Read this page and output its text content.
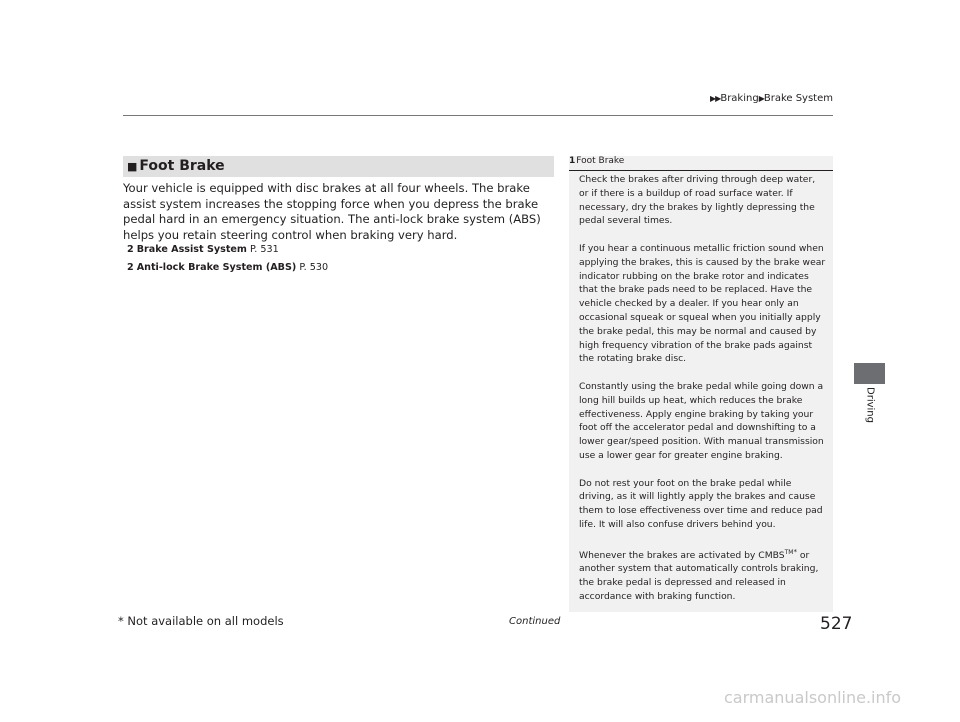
▶▶Braking▶Brake System
■ Foot Brake

Your vehicle is equipped with disc brakes at all four wheels. The brake assist system increases the stopping force when you depress the brake pedal hard in an emergency situation. The anti-lock brake system (ABS) helps you retain steering control when braking very hard.

2 Brake Assist System P. 531
2 Anti-lock Brake System (ABS) P. 530
1Foot Brake

Check the brakes after driving through deep water, or if there is a buildup of road surface water. If necessary, dry the brakes by lightly depressing the pedal several times.

If you hear a continuous metallic friction sound when applying the brakes, this is caused by the brake wear indicator rubbing on the brake rotor and indicates that the brake pads need to be replaced. Have the vehicle checked by a dealer. If you hear only an occasional squeak or squeal when you initially apply the brake pedal, this may be normal and caused by high frequency vibration of the brake pads against the rotating brake disc.

Constantly using the brake pedal while going down a long hill builds up heat, which reduces the brake effectiveness. Apply engine braking by taking your foot off the accelerator pedal and downshifting to a lower gear/speed position. With manual transmission use a lower gear for greater engine braking.

Do not rest your foot on the brake pedal while driving, as it will lightly apply the brakes and cause them to lose effectiveness over time and reduce pad life. It will also confuse drivers behind you.

Whenever the brakes are activated by $CMBS^{TM*}$ or another system that automatically controls braking, the brake pedal is depressed and released in accordance with braking function.

Driving
Continued	527
* Not available on all models
carmanualsonline.info
